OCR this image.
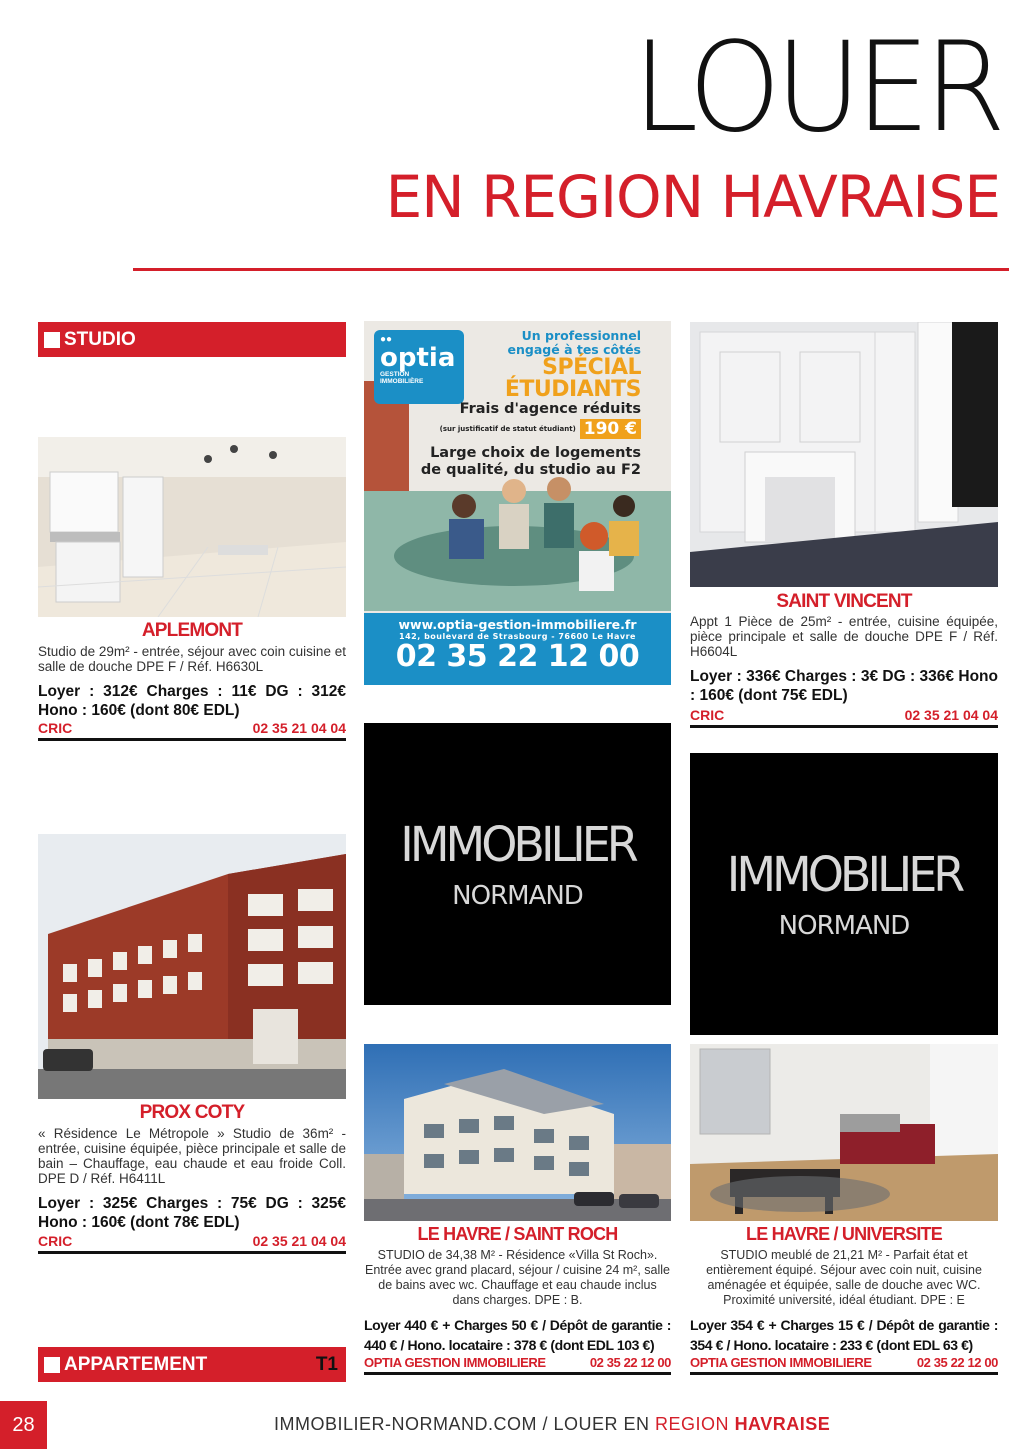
LOUER
EN REGION HAVRAISE
STUDIO
APLEMONT
Studio de 29m² - entrée, séjour avec coin cuisine et salle de douche DPE F / Réf. H6630L
Loyer : 312€ Charges : 11€ DG : 312€ Hono : 160€ (dont 80€ EDL)
CRIC	02 35 21 04 04
PROX COTY
« Résidence Le Métropole » Studio de 36m² - entrée, cuisine équipée, pièce principale et salle de bain – Chauffage, eau chaude et eau froide Coll. DPE D / Réf. H6411L
Loyer : 325€ Charges : 75€ DG : 325€ Hono : 160€ (dont 78€ EDL)
CRIC	02 35 21 04 04
APPARTEMENT	T1
●●
optia
GESTION
IMMOBILIÈRE
Un professionnel
engagé à tes côtés
SPÉCIAL
ÉTUDIANTS
Frais d'agence réduits
(sur justificatif de statut étudiant) 190 €
Large choix de logements
de qualité, du studio au F2
www.optia-gestion-immobiliere.fr
142, boulevard de Strasbourg - 76600 Le Havre
02 35 22 12 00
SAINT VINCENT
Appt 1 Pièce de 25m² - entrée, cuisine équipée, pièce principale et salle de douche DPE F / Réf. H6604L
Loyer : 336€ Charges : 3€ DG : 336€ Hono : 160€ (dont 75€ EDL)
CRIC	02 35 21 04 04
IMMOBILIER
NORMAND	IMMOBILIER
NORMAND
LE HAVRE / SAINT ROCH
STUDIO de 34,38 M² - Résidence «Villa St Roch». Entrée avec grand placard, séjour / cuisine 24 m², salle de bains avec wc. Chauffage et eau chaude inclus dans charges. DPE : B.
Loyer 440 € + Charges 50 € / Dépôt de garantie : 440 € / Hono. locataire : 378 € (dont EDL 103 €)
OPTIA GESTION IMMOBILIERE	02 35 22 12 00
LE HAVRE / UNIVERSITE
STUDIO meublé de 21,21 M² - Parfait état et entièrement équipé. Séjour avec coin nuit, cuisine aménagée et équipée, salle de douche avec WC. Proximité université, idéal étudiant. DPE : E
Loyer 354 € + Charges 15 € / Dépôt de garantie : 354 € / Hono. locataire : 233 € (dont EDL 63 €)
OPTIA GESTION IMMOBILIERE	02 35 22 12 00
28	IMMOBILIER-NORMAND.COM / LOUER EN REGION HAVRAISE
